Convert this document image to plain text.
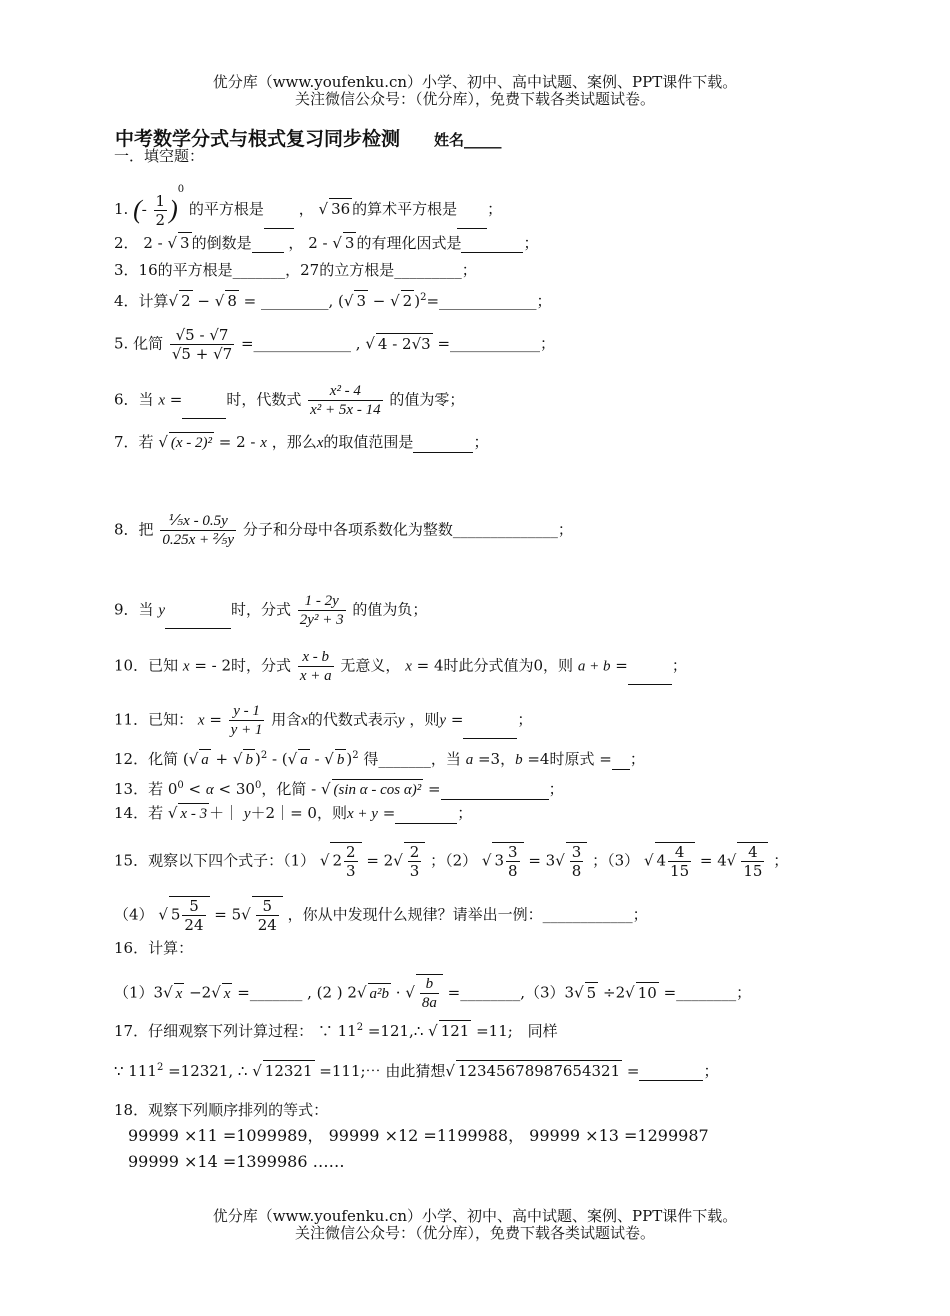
优分库（www.youfenku.cn）小学、初中、高中试题、案例、PPT课件下载。
关注微信公众号：（优分库），免费下载各类试题试卷。
中考数学分式与根式复习同步检测 姓名_____
一．填空题：
1. (- $\frac{1}{2} )^0$ 的平方根是 ， √ 36 的算术平方根是 ；
2． 2 - √ 3 的倒数是 ， 2 - √ 3 的有理化因式是	；
3．16的平方根是_______，27的立方根是_________；
4．计算√ 2 − √ 8 = _________, (√ 3 − √ 2 )$^2$=_____________；
5. 化简 $\frac{√5 - √7}{√5 + √7}$ =_____________ , √ 4 - 2√3 =____________；
6．当 x =	时，代数式 $\frac{\text{x² - 4}}{\text{x² + 5x - 14}}$ 的值为零；
7．若 √ (x - 2)² = 2 - x ，那么x的取值范围是	；
8．把 $\frac{\text{⅕x - 0.5y}}{\text{0.25x + ⅖y}}$ 分子和分母中各项系数化为整数______________；
9．当 y	时，分式 $\frac{1 - 2y}{\text{2y² + 3}}$ 的值为负；
10．已知 x = - 2时，分式 $\frac{x - b}{x + a}$ 无意义， x = 4时此分式值为0，则 a + b =	；
11．已知： $x = \frac{y - 1}{y + 1}$ 用含x的代数式表示y ，则y =	；
12．化简 (√ a + √ b )$^2$ - (√ a - √ b )$^2$ 得_______，当 a =3，b =4时原式 = ；
13．若 $0^0 < \alpha < 30^0$，化简 - √ (sin α - cos α)² =	；
14．若 √ x - 3 ＋｜ y＋2｜= 0，则x + y =	；
15．观察以下四个式子：（1） √ $2 \frac{2}{3} = 2√ \frac{2}{3}$ ；（2） √ $3 \frac{3}{8} = 3√ \frac{3}{8}$ ；（3） √ $4 \frac{4}{15} = 4√ \frac{4}{15}$ ；
（4） √ $5 \frac{5}{24} = 5√ \frac{5}{24}$ ，你从中发现什么规律？请举出一例：____________；
16．计算：
（1）3√ x −2√ x =_______ , (2 ) 2√ a²b · √ $\frac{b}{8a}$ =________,（3）3√ 5 ÷2√ 10 =________；
17．仔细观察下列计算过程： ∵ $11^2$ =121,∴ √ 121 =11; 同样
∵ $111^2 =12321$, ∴ √ 12321 =111;⋯ 由此猜想√ 12345678987654321 =	；
18．观察下列顺序排列的等式：
99999 ×11 =1099989， 99999 ×12 =1199988， 99999 ×13 =1299987
99999 ×14 =1399986 ……
优分库（www.youfenku.cn）小学、初中、高中试题、案例、PPT课件下载。
关注微信公众号：（优分库），免费下载各类试题试卷。
